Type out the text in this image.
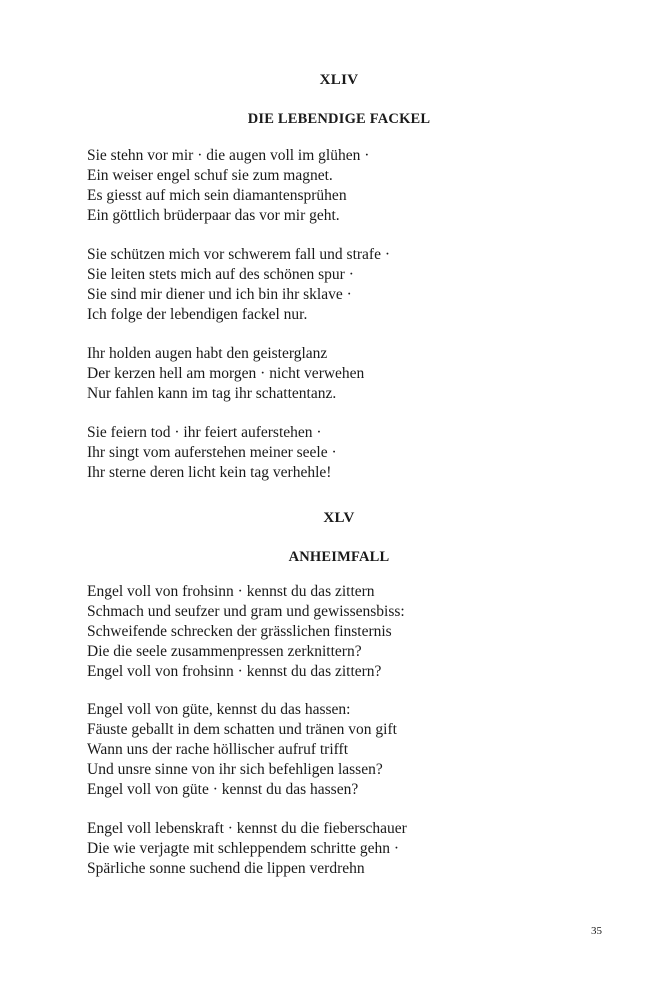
XLIV
DIE LEBENDIGE FACKEL
Sie stehn vor mir · die augen voll im glühen ·
Ein weiser engel schuf sie zum magnet.
Es giesst auf mich sein diamantensprühen
Ein göttlich brüderpaar das vor mir geht.
Sie schützen mich vor schwerem fall und strafe ·
Sie leiten stets mich auf des schönen spur ·
Sie sind mir diener und ich bin ihr sklave ·
Ich folge der lebendigen fackel nur.
Ihr holden augen habt den geisterglanz
Der kerzen hell am morgen · nicht verwehen
Nur fahlen kann im tag ihr schattentanz.
Sie feiern tod · ihr feiert auferstehen ·
Ihr singt vom auferstehen meiner seele ·
Ihr sterne deren licht kein tag verhehle!
XLV
ANHEIMFALL
Engel voll von frohsinn · kennst du das zittern
Schmach und seufzer und gram und gewissensbiss:
Schweifende schrecken der grässlichen finsternis
Die die seele zusammenpressen zerknittern?
Engel voll von frohsinn · kennst du das zittern?
Engel voll von güte, kennst du das hassen:
Fäuste geballt in dem schatten und tränen von gift
Wann uns der rache höllischer aufruf trifft
Und unsre sinne von ihr sich befehligen lassen?
Engel voll von güte · kennst du das hassen?
Engel voll lebenskraft · kennst du die fieberschauer
Die wie verjagte mit schleppendem schritte gehn ·
Spärliche sonne suchend die lippen verdrehn
35
